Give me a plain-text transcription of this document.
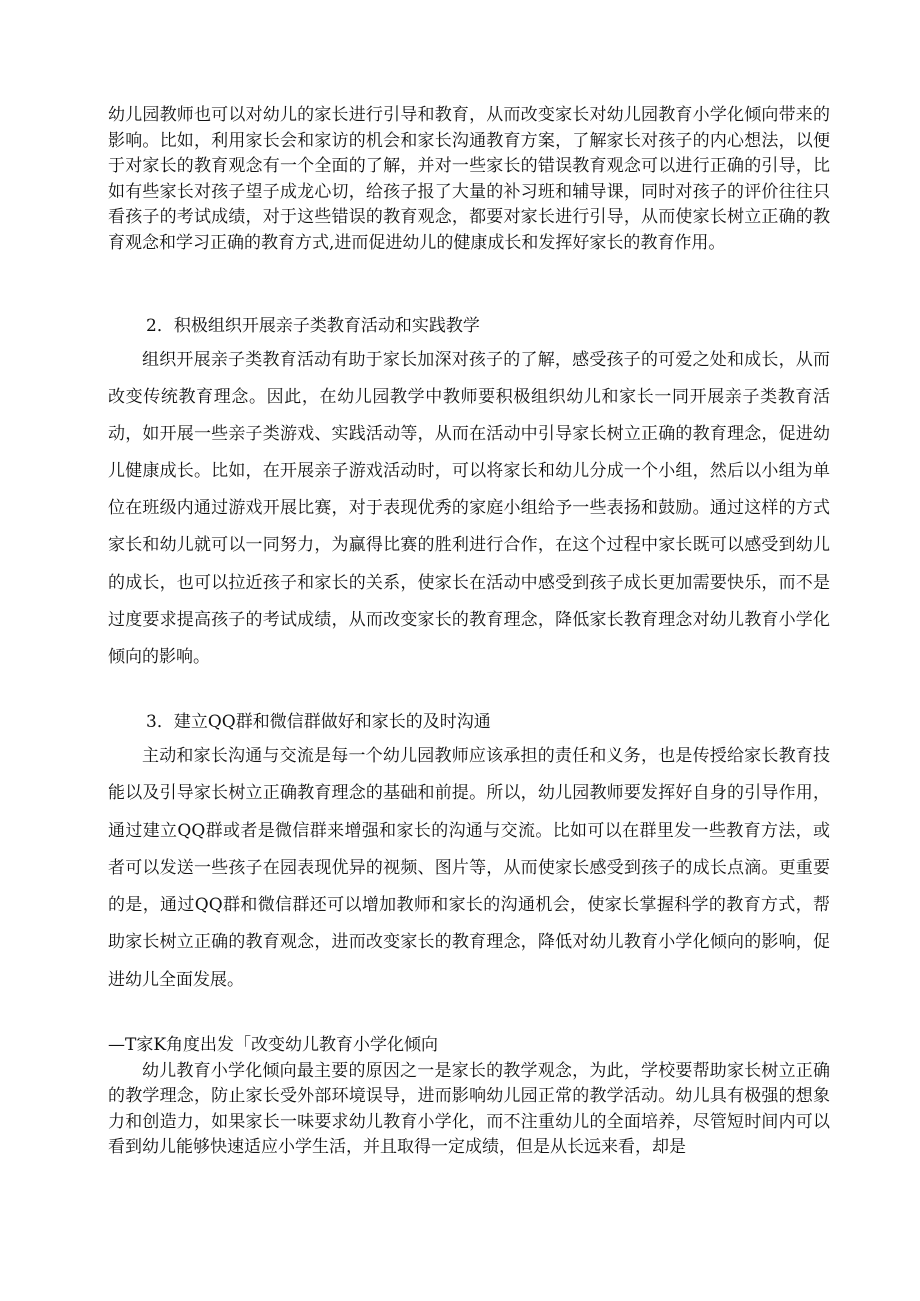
幼儿园教师也可以对幼儿的家长进行引导和教育，从而改变家长对幼儿园教育小学化倾向带来的影响。比如，利用家长会和家访的机会和家长沟通教育方案，了解家长对孩子的内心想法，以便于对家长的教育观念有一个全面的了解，并对一些家长的错误教育观念可以进行正确的引导，比如有些家长对孩子望子成龙心切，给孩子报了大量的补习班和辅导课，同时对孩子的评价往往只看孩子的考试成绩，对于这些错误的教育观念，都要对家长进行引导，从而使家长树立正确的教育观念和学习正确的教育方式,进而促进幼儿的健康成长和发挥好家长的教育作用。

2．积极组织开展亲子类教育活动和实践教学

组织开展亲子类教育活动有助于家长加深对孩子的了解，感受孩子的可爱之处和成长，从而改变传统教育理念。因此，在幼儿园教学中教师要积极组织幼儿和家长一同开展亲子类教育活动，如开展一些亲子类游戏、实践活动等，从而在活动中引导家长树立正确的教育理念，促进幼儿健康成长。比如，在开展亲子游戏活动时，可以将家长和幼儿分成一个小组，然后以小组为单位在班级内通过游戏开展比赛，对于表现优秀的家庭小组给予一些表扬和鼓励。通过这样的方式家长和幼儿就可以一同努力，为赢得比赛的胜利进行合作，在这个过程中家长既可以感受到幼儿的成长，也可以拉近孩子和家长的关系，使家长在活动中感受到孩子成长更加需要快乐，而不是过度要求提高孩子的考试成绩，从而改变家长的教育理念，降低家长教育理念对幼儿教育小学化倾向的影响。

3．建立QQ群和微信群做好和家长的及时沟通

主动和家长沟通与交流是每一个幼儿园教师应该承担的责任和义务，也是传授给家长教育技能以及引导家长树立正确教育理念的基础和前提。所以，幼儿园教师要发挥好自身的引导作用，通过建立QQ群或者是微信群来增强和家长的沟通与交流。比如可以在群里发一些教育方法，或者可以发送一些孩子在园表现优异的视频、图片等，从而使家长感受到孩子的成长点滴。更重要的是，通过QQ群和微信群还可以增加教师和家长的沟通机会，使家长掌握科学的教育方式，帮助家长树立正确的教育观念，进而改变家长的教育理念，降低对幼儿教育小学化倾向的影响，促进幼儿全面发展。

—T家K角度出发「改变幼儿教育小学化倾向

幼儿教育小学化倾向最主要的原因之一是家长的教学观念，为此，学校要帮助家长树立正确的教学理念，防止家长受外部环境误导，进而影响幼儿园正常的教学活动。幼儿具有极强的想象力和创造力，如果家长一味要求幼儿教育小学化，而不注重幼儿的全面培养，尽管短时间内可以看到幼儿能够快速适应小学生活，并且取得一定成绩，但是从长远来看，却是
